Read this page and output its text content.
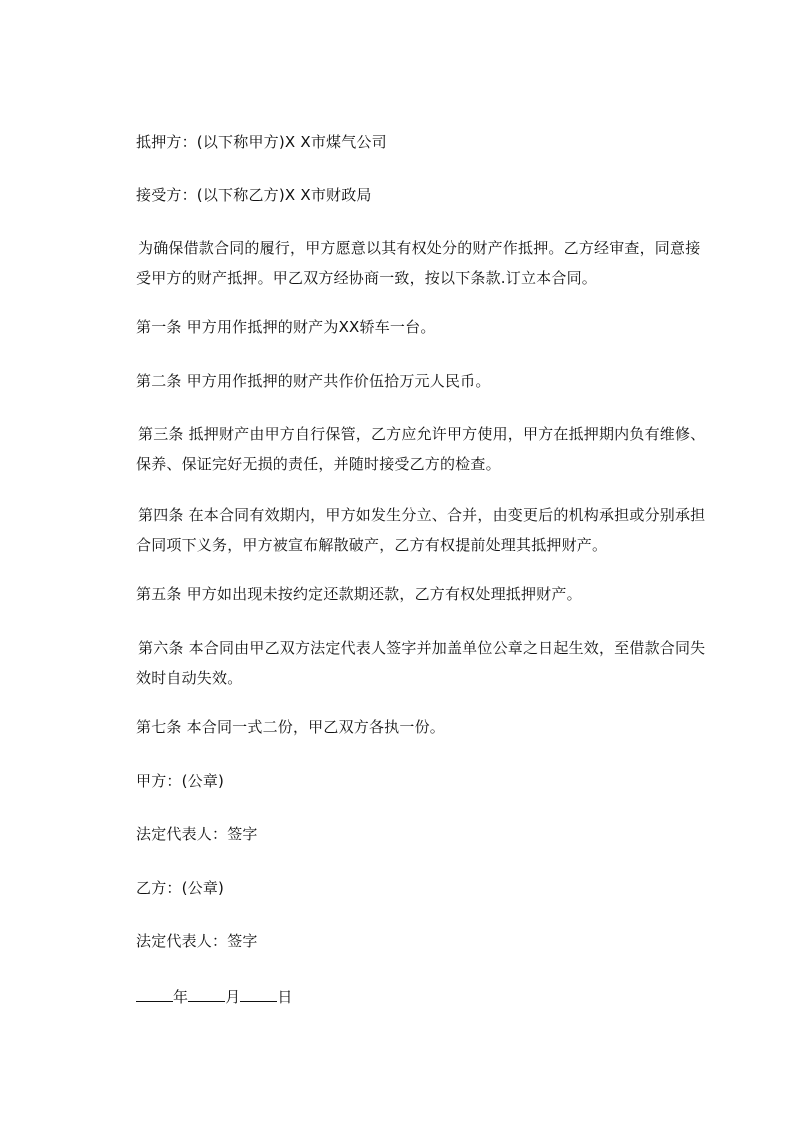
抵押方：(以下称甲方)X X市煤气公司
接受方：(以下称乙方)X X市财政局
为确保借款合同的履行，甲方愿意以其有权处分的财产作抵押。乙方经审查，同意接受甲方的财产抵押。甲乙双方经协商一致，按以下条款.订立本合同。
第一条 甲方用作抵押的财产为XX轿车一台。
第二条 甲方用作抵押的财产共作价伍拾万元人民币。
第三条 抵押财产由甲方自行保管，乙方应允许甲方使用，甲方在抵押期内负有维修、保养、保证完好无损的责任，并随时接受乙方的检查。
第四条 在本合同有效期内，甲方如发生分立、合并，由变更后的机构承担或分别承担合同项下义务，甲方被宣布解散破产，乙方有权提前处理其抵押财产。
第五条 甲方如出现未按约定还款期还款，乙方有权处理抵押财产。
第六条 本合同由甲乙双方法定代表人签字并加盖单位公章之日起生效，至借款合同失效时自动失效。
第七条 本合同一式二份，甲乙双方各执一份。
甲方：(公章)
法定代表人：签字
乙方：(公章)
法定代表人：签字
年 月 日
